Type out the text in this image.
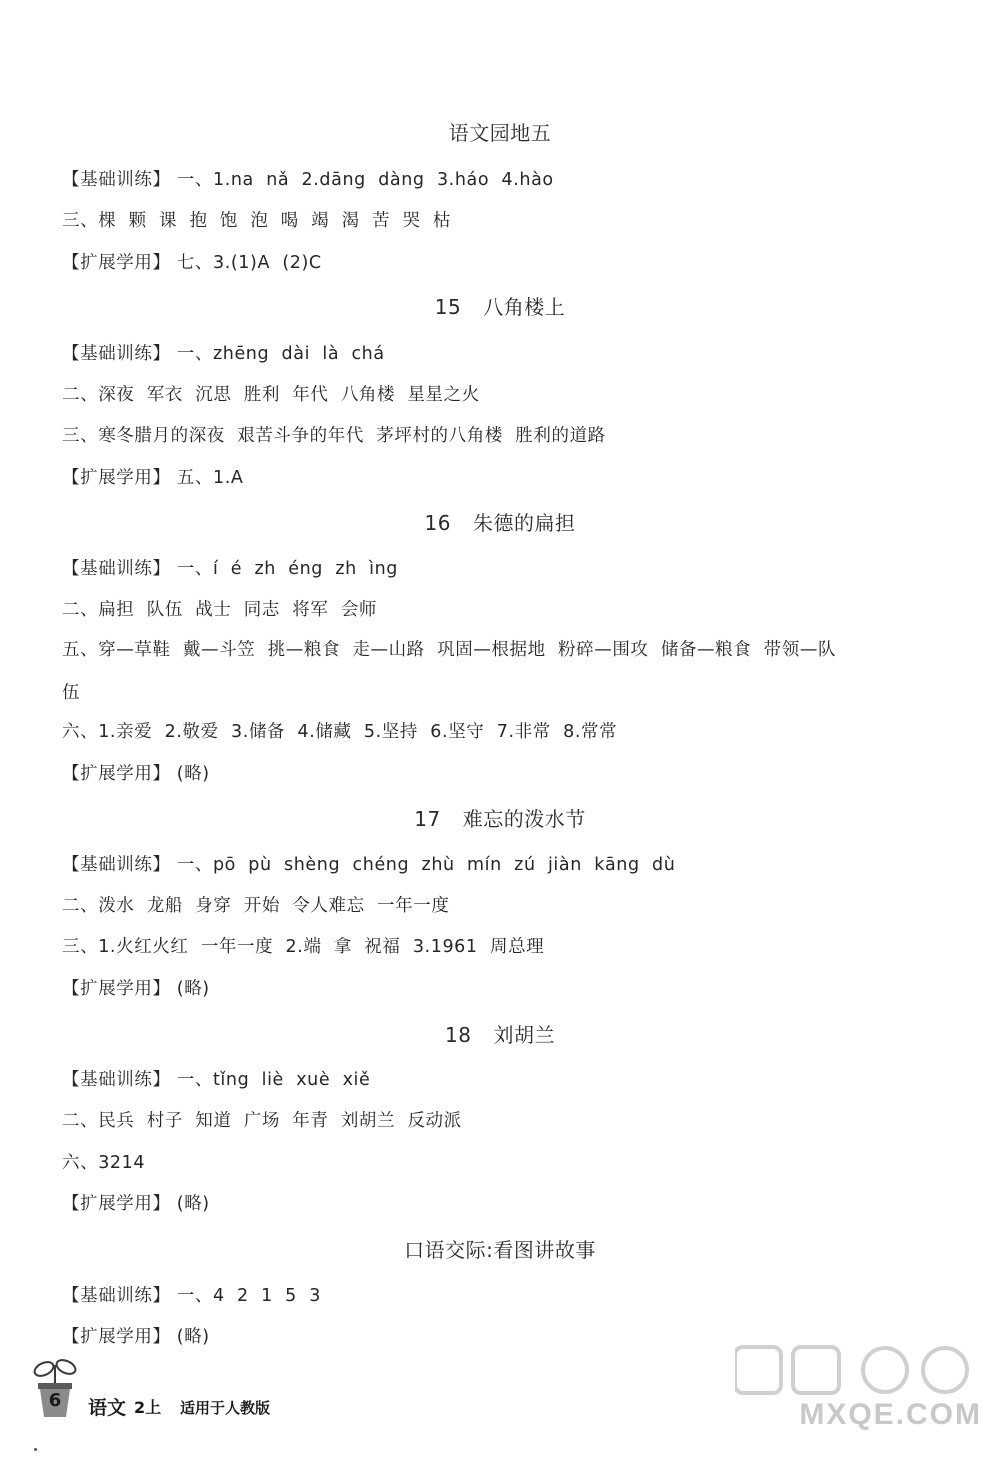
语文园地五
【基础训练】 一、1.na  nǎ  2.dāng  dàng  3.háo  4.hào
三、棵  颗  课  抱  饱  泡  喝  竭  渴  苦  哭  枯
【扩展学用】 七、3.(1)A  (2)C
15 八角楼上
【基础训练】 一、zhēng  dài  là  chá
二、深夜  军衣  沉思  胜利  年代  八角楼  星星之火
三、寒冬腊月的深夜  艰苦斗争的年代  茅坪村的八角楼  胜利的道路
【扩展学用】 五、1.A
16 朱德的扁担
【基础训练】 一、í  é  zh  éng  zh  ìng
二、扁担  队伍  战士  同志  将军  会师
五、穿—草鞋  戴—斗笠  挑—粮食  走—山路  巩固—根据地  粉碎—围攻  储备—粮食  带领—队
伍
六、1.亲爱  2.敬爱  3.储备  4.储藏  5.坚持  6.坚守  7.非常  8.常常
【扩展学用】 (略)
17 难忘的泼水节
【基础训练】 一、pō  pù  shèng  chéng  zhù  mín  zú  jiàn  kāng  dù
二、泼水  龙船  身穿  开始  令人难忘  一年一度
三、1.火红火红  一年一度  2.端  拿  祝福  3.1961  周总理
【扩展学用】 (略)
18 刘胡兰
【基础训练】 一、tǐng  liè  xuè  xiě
二、民兵  村子  知道  广场  年青  刘胡兰  反动派
六、3214
【扩展学用】 (略)
口语交际:看图讲故事
【基础训练】 一、4  2  1  5  3
【扩展学用】 (略)
6	语文 2上 适用于人教版	MXQE.COM
